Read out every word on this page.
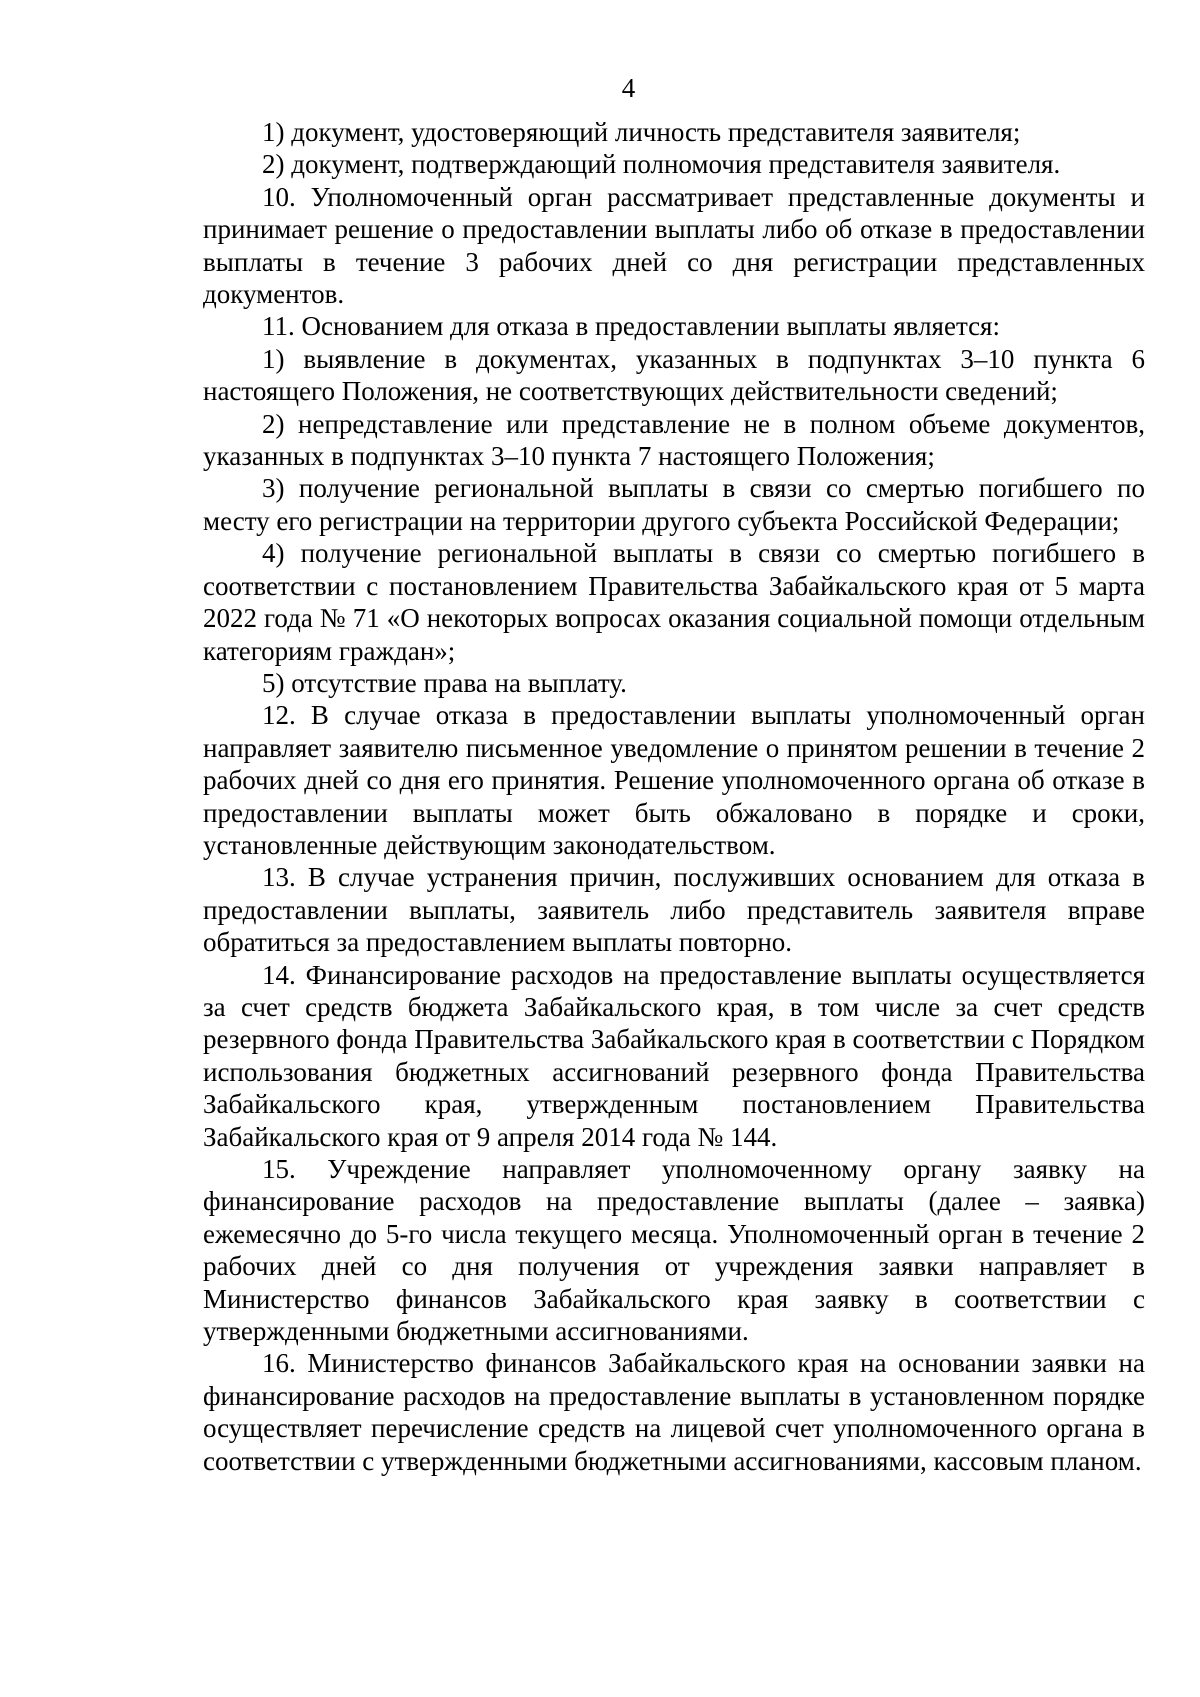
4

1) документ, удостоверяющий личность представителя заявителя;

2) документ, подтверждающий полномочия представителя заявителя.

10. Уполномоченный орган рассматривает представленные документы и принимает решение о предоставлении выплаты либо об отказе в предоставлении выплаты в течение 3 рабочих дней со дня регистрации представленных документов.

11. Основанием для отказа в предоставлении выплаты является:

1) выявление в документах, указанных в подпунктах 3–10 пункта 6 настоящего Положения, не соответствующих действительности сведений;

2) непредставление или представление не в полном объеме документов, указанных в подпунктах 3–10 пункта 7 настоящего Положения;

3) получение региональной выплаты в связи со смертью погибшего по месту его регистрации на территории другого субъекта Российской Федерации;

4) получение региональной выплаты в связи со смертью погибшего в соответствии с постановлением Правительства Забайкальского края от 5 марта 2022 года № 71 «О некоторых вопросах оказания социальной помощи отдельным категориям граждан»;

5) отсутствие права на выплату.

12. В случае отказа в предоставлении выплаты уполномоченный орган направляет заявителю письменное уведомление о принятом решении в течение 2 рабочих дней со дня его принятия. Решение уполномоченного органа об отказе в предоставлении выплаты может быть обжаловано в порядке и сроки, установленные действующим законодательством.

13. В случае устранения причин, послуживших основанием для отказа в предоставлении выплаты, заявитель либо представитель заявителя вправе обратиться за предоставлением выплаты повторно.

14. Финансирование расходов на предоставление выплаты осуществляется за счет средств бюджета Забайкальского края, в том числе за счет средств резервного фонда Правительства Забайкальского края в соответствии с Порядком использования бюджетных ассигнований резервного фонда Правительства Забайкальского края, утвержденным постановлением Правительства Забайкальского края от 9 апреля 2014 года № 144.

15. Учреждение направляет уполномоченному органу заявку на финансирование расходов на предоставление выплаты (далее – заявка) ежемесячно до 5-го числа текущего месяца. Уполномоченный орган в течение 2 рабочих дней со дня получения от учреждения заявки направляет в Министерство финансов Забайкальского края заявку в соответствии с утвержденными бюджетными ассигнованиями.

16. Министерство финансов Забайкальского края на основании заявки на финансирование расходов на предоставление выплаты в установленном порядке осуществляет перечисление средств на лицевой счет уполномоченного органа в соответствии с утвержденными бюджетными ассигнованиями, кассовым планом.
